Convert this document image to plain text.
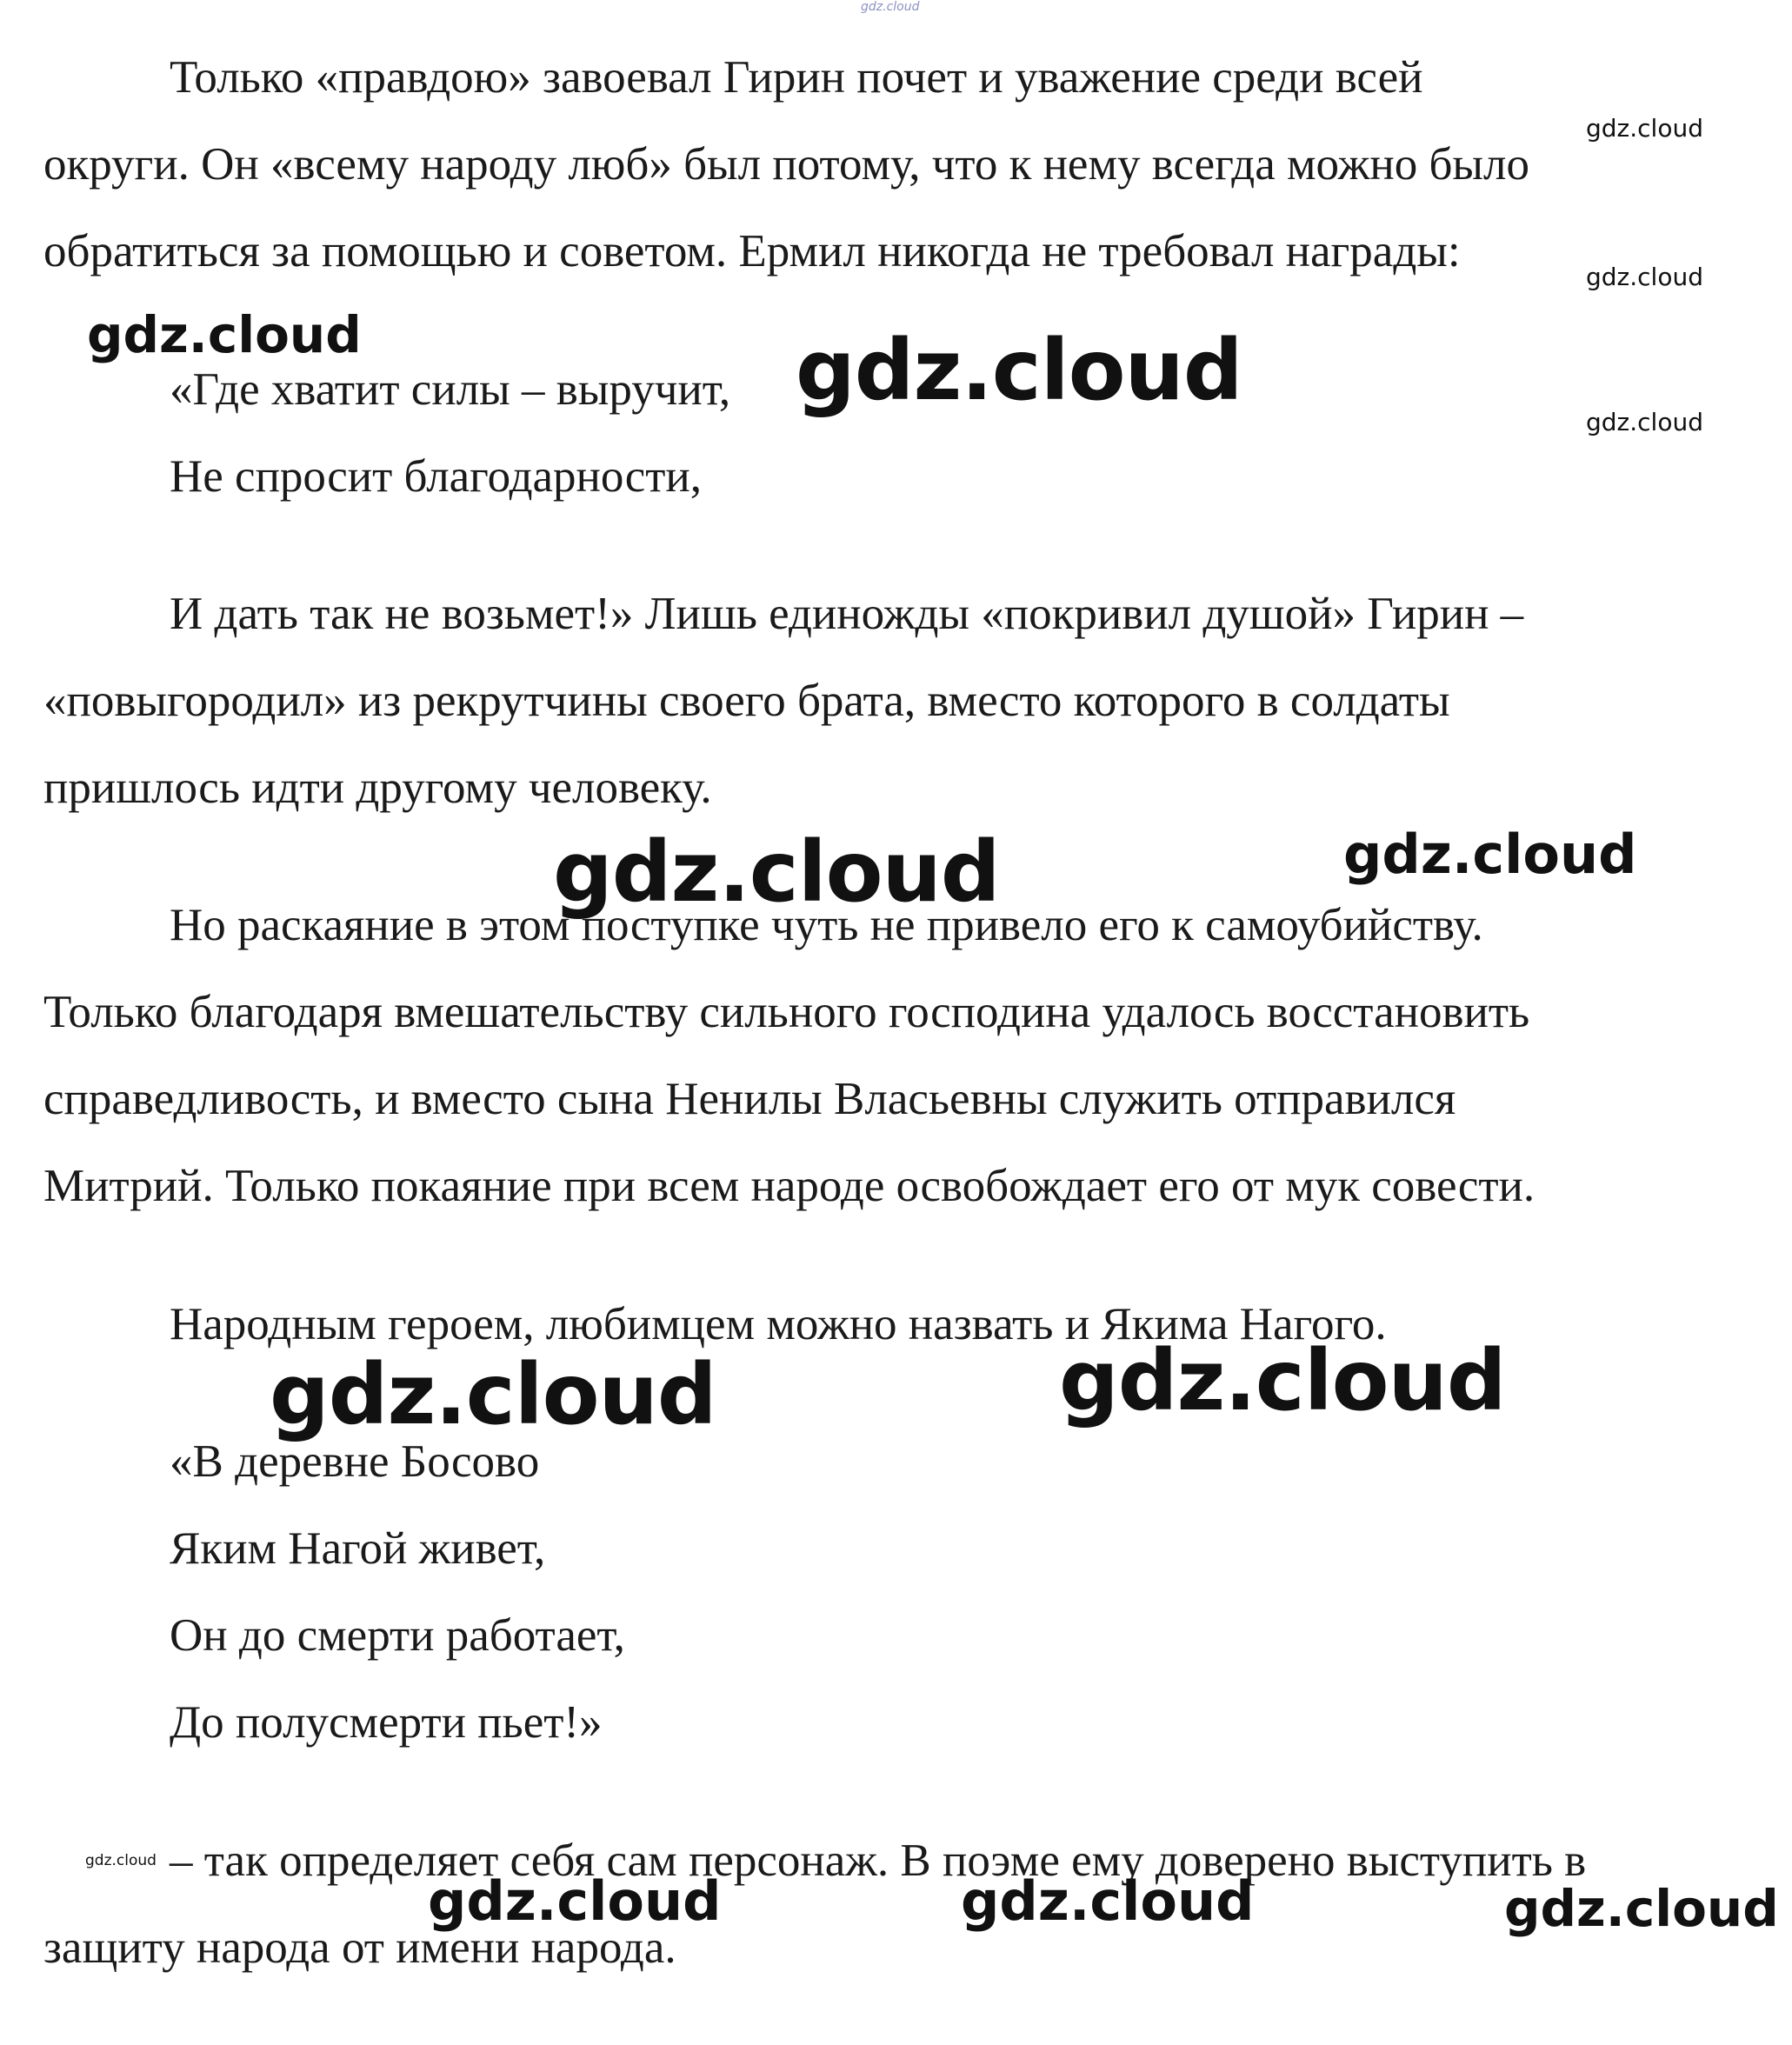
gdz.cloud
Только «правдою» завоевал Гирин почет и уважение среди всей
округи. Он «всему народу люб» был потому, что к нему всегда можно было
обратиться за помощью и советом. Ермил никогда не требовал награды:
«Где хватит силы – выручит,
Не спросит благодарности,
И дать так не возьмет!» Лишь единожды «покривил душой» Гирин –
«повыгородил» из рекрутчины своего брата, вместо которого в солдаты
пришлось идти другому человеку.
Но раскаяние в этом поступке чуть не привело его к самоубийству.
Только благодаря вмешательству сильного господина удалось восстановить
справедливость, и вместо сына Ненилы Власьевны служить отправился
Митрий. Только покаяние при всем народе освобождает его от мук совести.
Народным героем, любимцем можно назвать и Якима Нагого.
«В деревне Босово
Яким Нагой живет,
Он до смерти работает,
До полусмерти пьет!»
– так определяет себя сам персонаж. В поэме ему доверено выступить в
защиту народа от имени народа.
gdz.cloud
gdz.cloud
gdz.cloud
gdz.cloud	gdz.cloud
gdz.cloud	gdz.cloud
gdz.cloud	gdz.cloud
gdz.cloud
gdz.cloud	gdz.cloud	gdz.cloud
